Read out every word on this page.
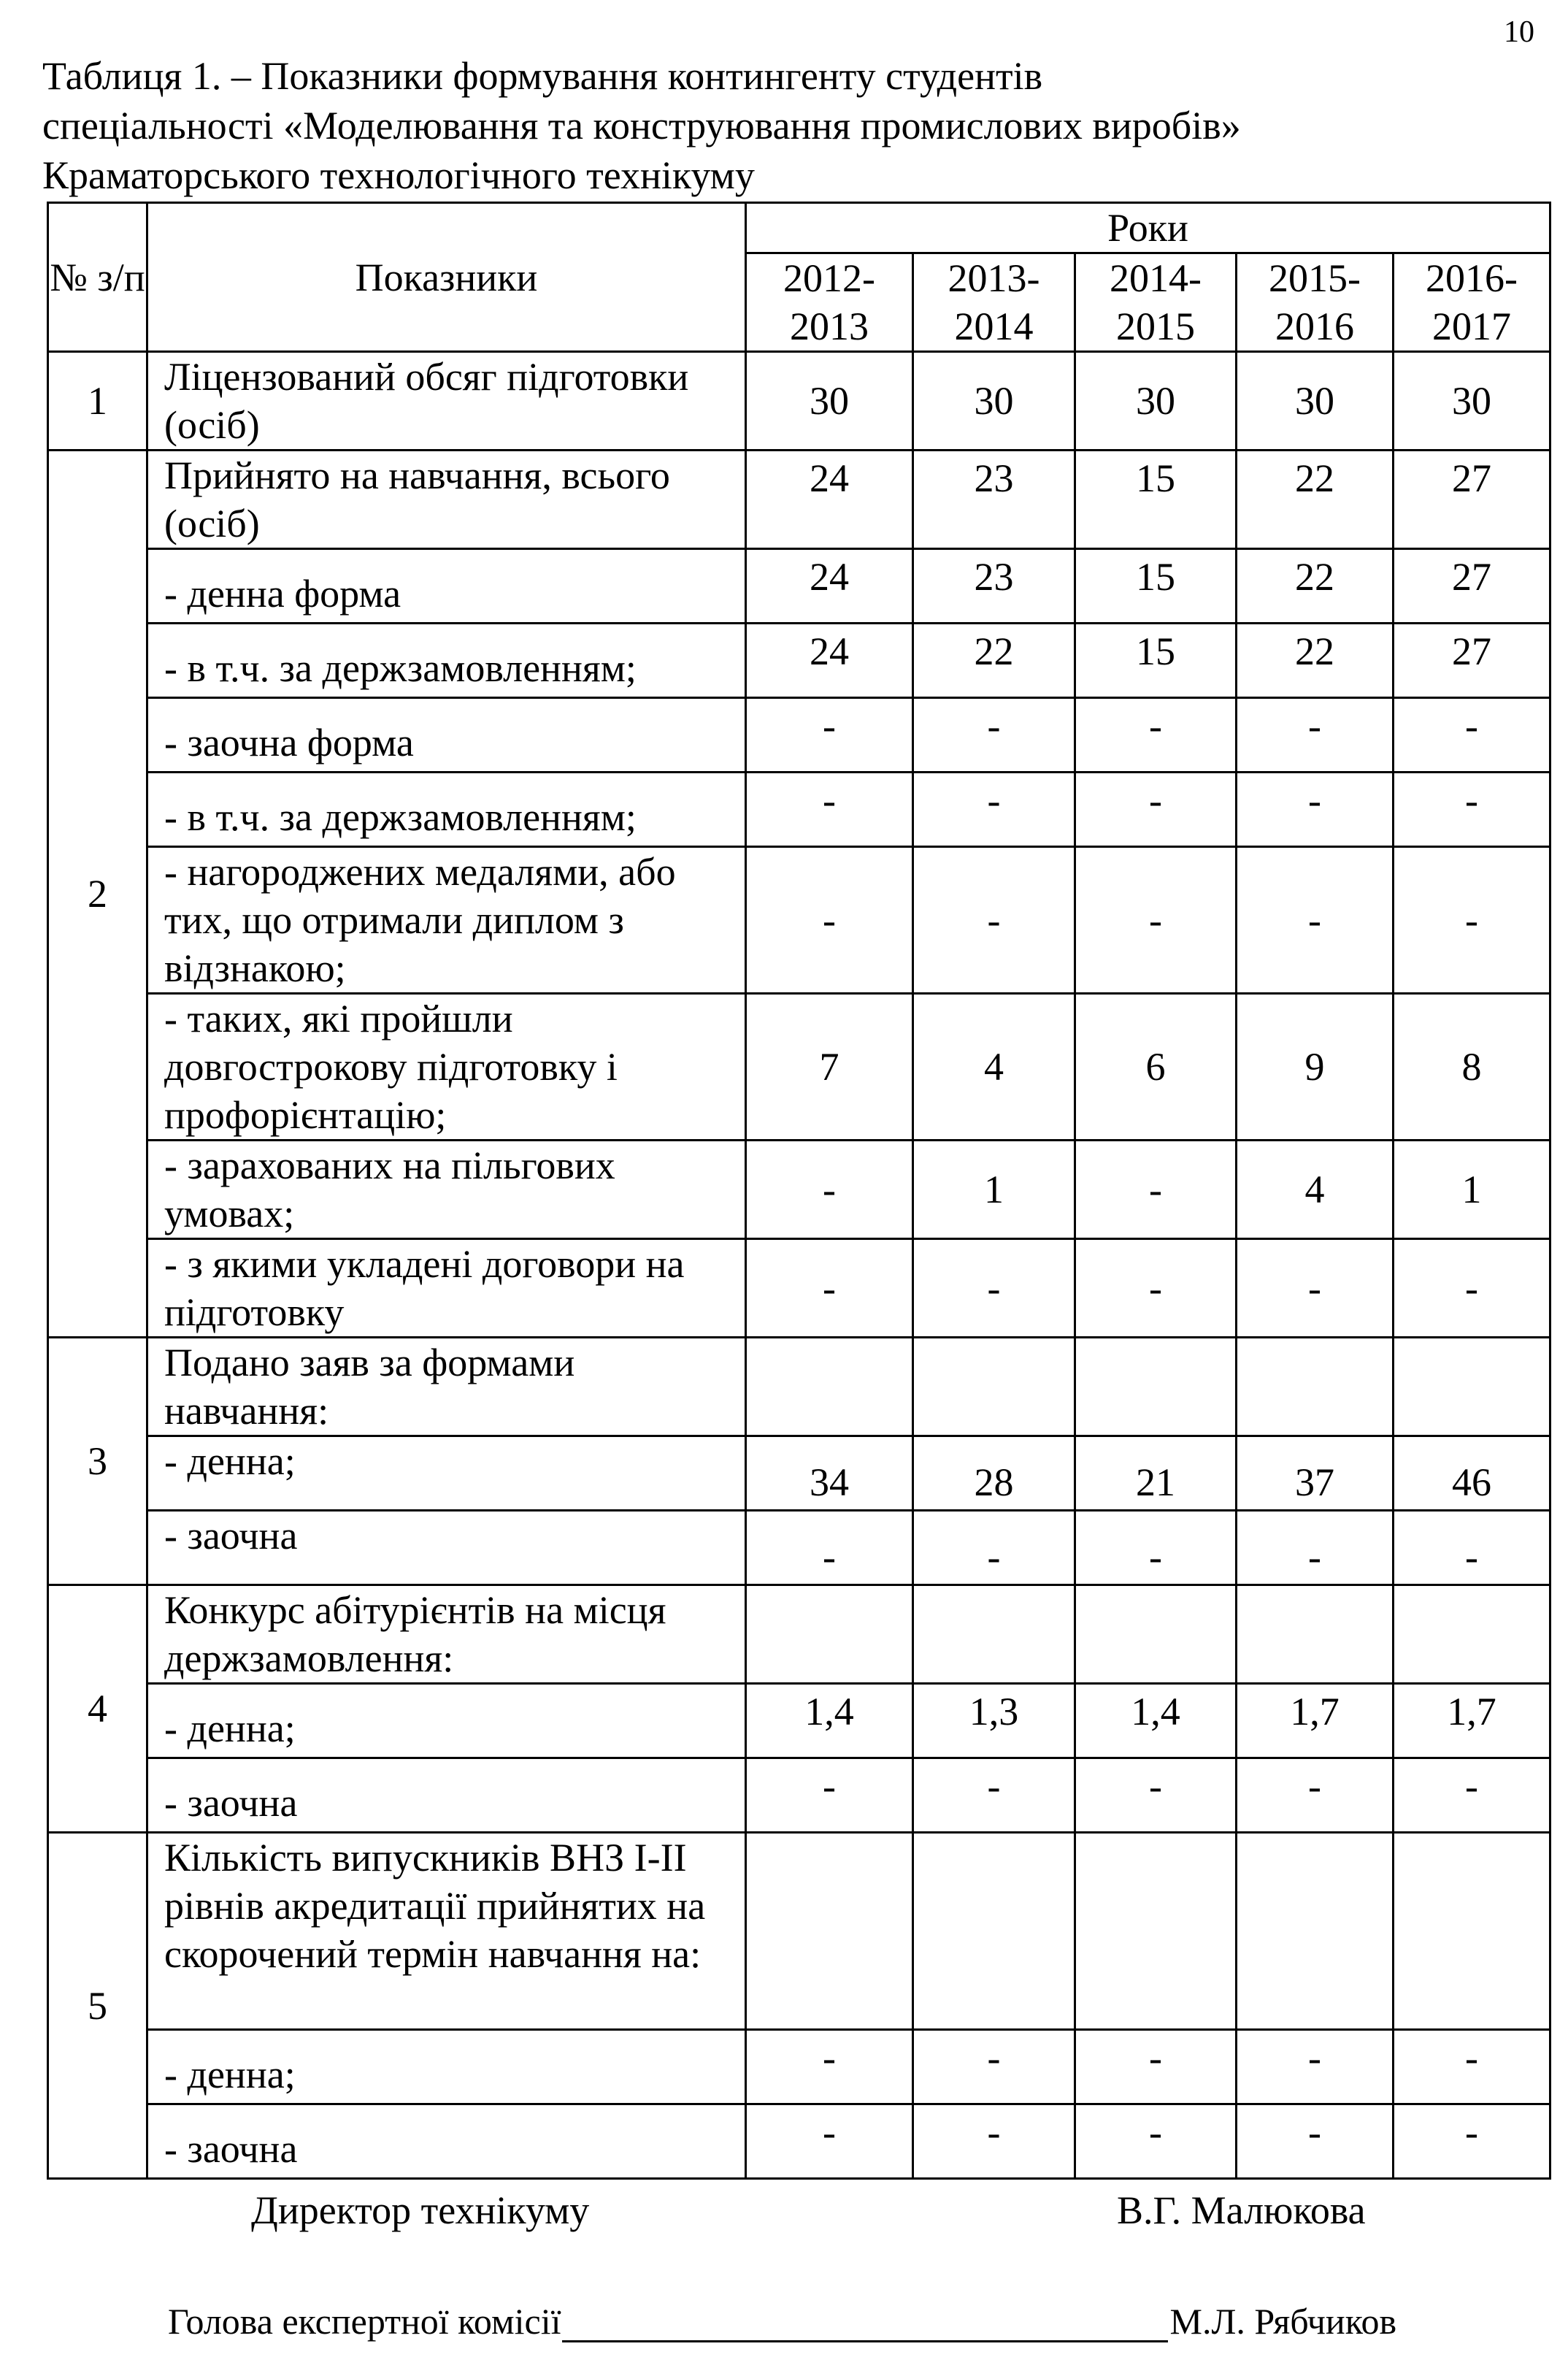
10
Таблиця 1. – Показники формування контингенту студентів
спеціальності «Моделювання та конструювання промислових виробів»
Краматорського технологічного технікуму
№ з/п	Показники	Роки				
		2012-2013	2013-2014	2014-2015	2015-2016	2016-2017
1	Ліцензований обсяг підготовки (осіб)	30	30	30	30	30
2	Прийнято на навчання, всього (осіб)	24	23	15	22	27
	- денна форма	24	23	15	22	27
	- в т.ч. за держзамовленням;	24	22	15	22	27
	- заочна форма	-	-	-	-	-
	- в т.ч. за держзамовленням;	-	-	-	-	-
	- нагороджених медалями, або тих, що отримали диплом з відзнакою;	-	-	-	-	-
	- таких, які пройшли довгострокову підготовку і профорієнтацію;	7	4	6	9	8
	- зарахованих на пільгових умовах;	-	1	-	4	1
	- з якими укладені договори на підготовку	-	-	-	-	-
3	Подано заяв за формами навчання:					
	- денна;	34	28	21	37	46
	- заочна	-	-	-	-	-
4	Конкурс абітурієнтів на місця держзамовлення:					
	- денна;	1,4	1,3	1,4	1,7	1,7
	- заочна	-	-	-	-	-
5	Кількість випускників ВНЗ І-ІІ рівнів акредитації прийнятих на скорочений термін навчання на:					
	- денна;	-	-	-	-	-
	- заочна	-	-	-	-	-
Директор технікуму	В.Г. Малюкова
Голова експертної комісії	М.Л. Рябчиков
